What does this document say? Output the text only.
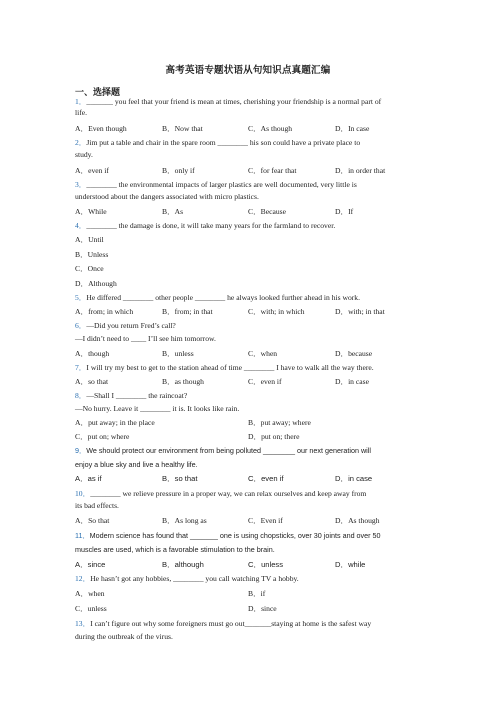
高考英语专题状语从句知识点真题汇编
一、选择题
1．_______ you feel that your friend is mean at times, cherishing your friendship is a normal part of
life.
A．Even though	B．Now that	C．As though	D．In case
2．Jim put a table and chair in the spare room ________ his son could have a private place to
study.
A．even if	B．only if	C．for fear that	D．in order that
3．________ the environmental impacts of larger plastics are well documented, very little is
understood about the dangers associated with micro plastics.
A．While	B．As	C．Because	D．If
4．________ the damage is done, it will take many years for the farmland to recover.
A．Until
B．Unless
C．Once
D．Although
5．He differed ________ other people ________ he always looked further ahead in his work.
A．from; in which	B．from; in that	C．with; in which	D．with; in that
6．—Did you return Fred’s call?
—I didn’t need to ____ I’ll see him tomorrow.
A．though	B．unless	C．when	D．because
7．I will try my best to get to the station ahead of time ________ I have to walk all the way there.
A．so that	B．as though	C．even if	D．in case
8．—Shall I ________ the raincoat?
—No hurry. Leave it ________ it is. It looks like rain.
A．put away; in the place	B．put away; where
C．put on; where	D．put on; there
9．We should protect our environment from being polluted ________ our next generation will
enjoy a blue sky and live a healthy life.
A．as if	B．so that	C．even if	D．in case
10．________ we relieve pressure in a proper way, we can relax ourselves and keep away from
its bad effects.
A．So that	B．As long as	C．Even if	D．As though
11．Modern science has found that _______ one is using chopsticks, over 30 joints and over 50
muscles are used, which is a favorable stimulation to the brain.
A．since	B．although	C．unless	D．while
12．He hasn’t got any hobbies, ________ you call watching TV a hobby.
A．when	B．if
C．unless	D．since
13．I can’t figure out why some foreigners must go out_______staying at home is the safest way
during the outbreak of the virus.
